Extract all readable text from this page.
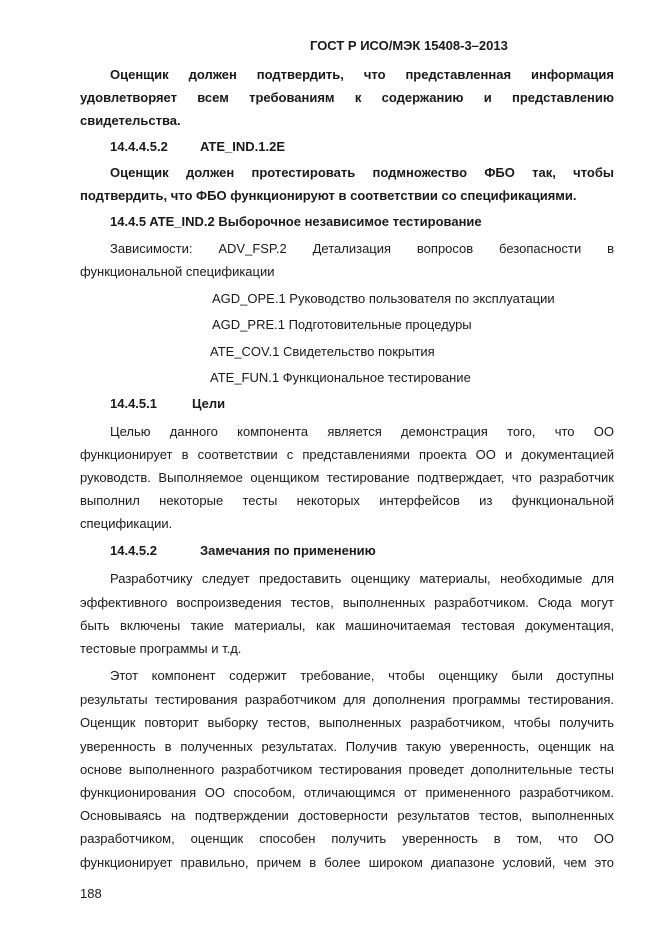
ГОСТ Р ИСО/МЭК 15408-3–2013
Оценщик должен подтвердить, что представленная информация
удовлетворяет всем требованиям к содержанию и представлению
свидетельства.
14.4.4.5.2 ATE_IND.1.2E
Оценщик должен протестировать подмножество ФБО так, чтобы
подтвердить, что ФБО функционируют в соответствии со спецификациями.
14.4.5 ATE_IND.2 Выборочное независимое тестирование
Зависимости: ADV_FSP.2 Детализация вопросов безопасности в
функциональной спецификации
AGD_OPE.1 Руководство пользователя по эксплуатации
AGD_PRE.1 Подготовительные процедуры
ATE_COV.1 Свидетельство покрытия
ATE_FUN.1 Функциональное тестирование
14.4.5.1	Цели
Целью данного компонента является демонстрация того, что ОО
функционирует в соответствии с представлениями проекта ОО и документацией
руководств. Выполняемое оценщиком тестирование подтверждает, что разработчик
выполнил некоторые тесты некоторых интерфейсов из функциональной
спецификации.
14.4.5.2	Замечания по применению
Разработчику следует предоставить оценщику материалы, необходимые для
эффективного воспроизведения тестов, выполненных разработчиком. Сюда могут
быть включены такие материалы, как машиночитаемая тестовая документация,
тестовые программы и т.д.
Этот компонент содержит требование, чтобы оценщику были доступны
результаты тестирования разработчиком для дополнения программы тестирования.
Оценщик повторит выборку тестов, выполненных разработчиком, чтобы получить
уверенность в полученных результатах. Получив такую уверенность, оценщик на
основе выполненного разработчиком тестирования проведет дополнительные тесты
функционирования ОО способом, отличающимся от примененного разработчиком.
Основываясь на подтверждении достоверности результатов тестов, выполненных
разработчиком, оценщик способен получить уверенность в том, что ОО
функционирует правильно, причем в более широком диапазоне условий, чем это
188
